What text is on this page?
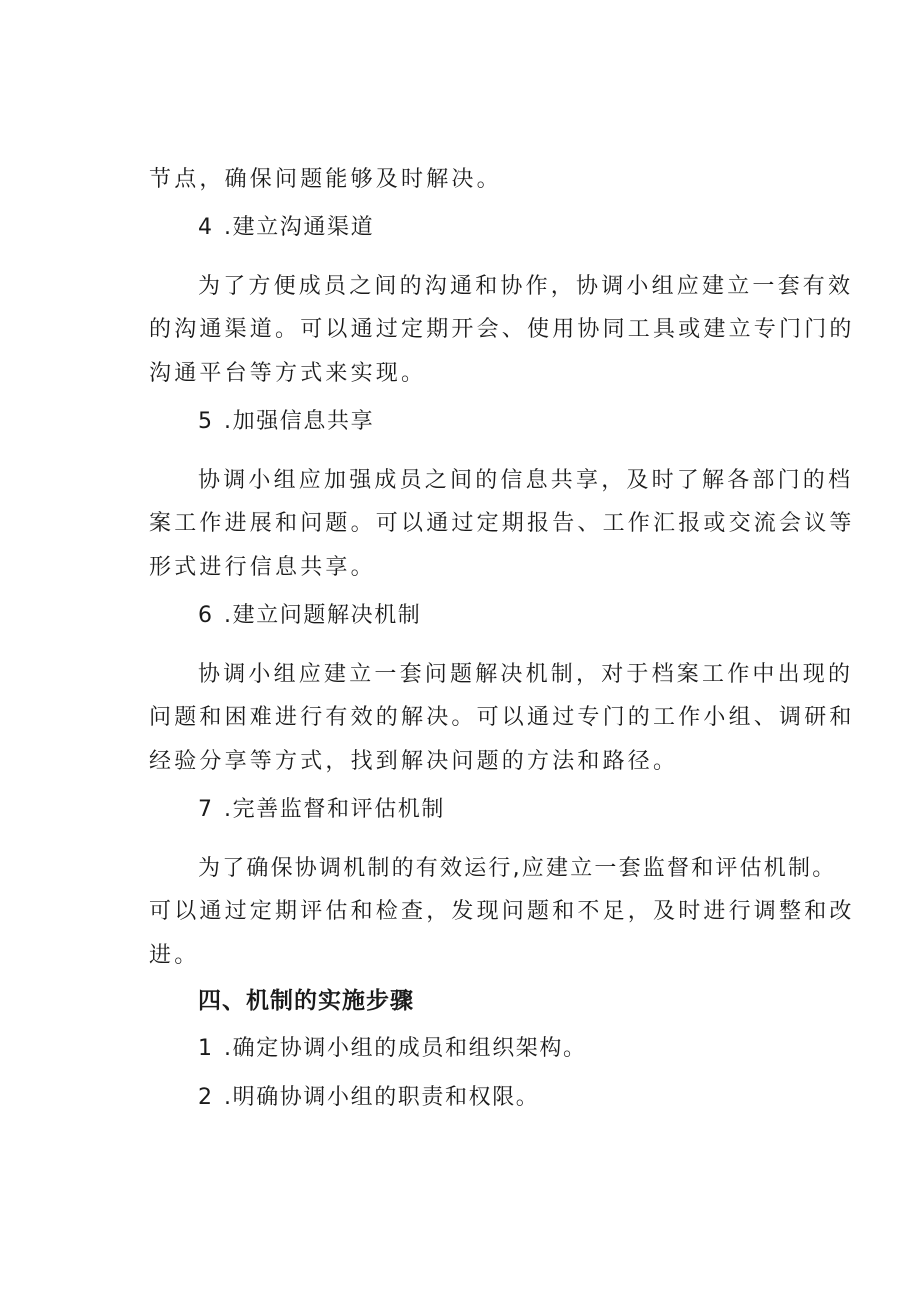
节点，确保问题能够及时解决。
4 .建立沟通渠道
为了方便成员之间的沟通和协作，协调小组应建立一套有效
的沟通渠道。可以通过定期开会、使用协同工具或建立专门门的
沟通平台等方式来实现。
5 .加强信息共享
协调小组应加强成员之间的信息共享，及时了解各部门的档
案工作进展和问题。可以通过定期报告、工作汇报或交流会议等
形式进行信息共享。
6 .建立问题解决机制
协调小组应建立一套问题解决机制，对于档案工作中出现的
问题和困难进行有效的解决。可以通过专门的工作小组、调研和
经验分享等方式，找到解决问题的方法和路径。
7 .完善监督和评估机制
为了确保协调机制的有效运行,应建立一套监督和评估机制。
可以通过定期评估和检查，发现问题和不足，及时进行调整和改
进。
四、机制的实施步骤
1 .确定协调小组的成员和组织架构。
2 .明确协调小组的职责和权限。
